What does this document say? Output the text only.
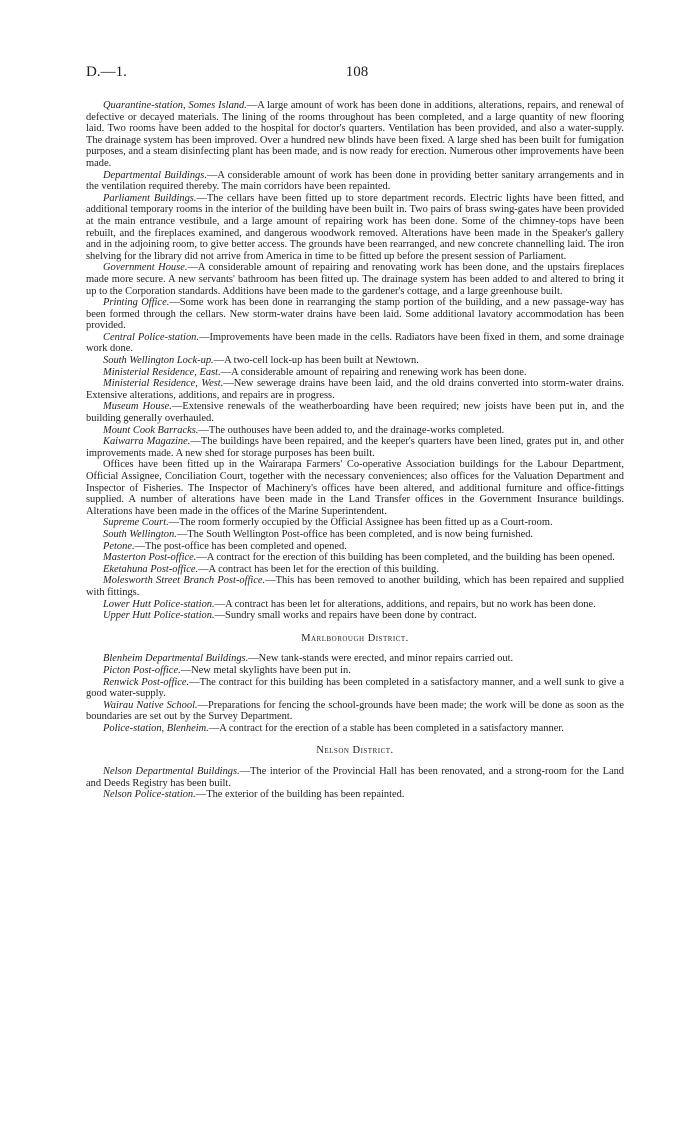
D.—1.	108

Quarantine-station, Somes Island.—A large amount of work has been done in additions, alterations, repairs, and renewal of defective or decayed materials. The lining of the rooms throughout has been completed, and a large quantity of new flooring laid. Two rooms have been added to the hospital for doctor's quarters. Ventilation has been provided, and also a water-supply. The drainage system has been improved. Over a hundred new blinds have been fixed. A large shed has been built for fumigation purposes, and a steam disinfecting plant has been made, and is now ready for erection. Numerous other improvements have been made.

Departmental Buildings.—A considerable amount of work has been done in providing better sanitary arrangements and in the ventilation required thereby. The main corridors have been repainted.

Parliament Buildings.—The cellars have been fitted up to store department records. Electric lights have been fitted, and additional temporary rooms in the interior of the building have been built in. Two pairs of brass swing-gates have been provided at the main entrance vestibule, and a large amount of repairing work has been done. Some of the chimney-tops have been rebuilt, and the fireplaces examined, and dangerous woodwork removed. Alterations have been made in the Speaker's gallery and in the adjoining room, to give better access. The grounds have been rearranged, and new concrete channelling laid. The iron shelving for the library did not arrive from America in time to be fitted up before the present session of Parliament.

Government House.—A considerable amount of repairing and renovating work has been done, and the upstairs fireplaces made more secure. A new servants' bathroom has been fitted up. The drainage system has been added to and altered to bring it up to the Corporation standards. Additions have been made to the gardener's cottage, and a large greenhouse built.

Printing Office.—Some work has been done in rearranging the stamp portion of the building, and a new passage-way has been formed through the cellars. New storm-water drains have been laid. Some additional lavatory accommodation has been provided.

Central Police-station.—Improvements have been made in the cells. Radiators have been fixed in them, and some drainage work done.

South Wellington Lock-up.—A two-cell lock-up has been built at Newtown.

Ministerial Residence, East.—A considerable amount of repairing and renewing work has been done.

Ministerial Residence, West.—New sewerage drains have been laid, and the old drains converted into storm-water drains. Extensive alterations, additions, and repairs are in progress.

Museum House.—Extensive renewals of the weatherboarding have been required; new joists have been put in, and the building generally overhauled.

Mount Cook Barracks.—The outhouses have been added to, and the drainage-works completed.

Kaiwarra Magazine.—The buildings have been repaired, and the keeper's quarters have been lined, grates put in, and other improvements made. A new shed for storage purposes has been built.

Offices have been fitted up in the Wairarapa Farmers' Co-operative Association buildings for the Labour Department, Official Assignee, Conciliation Court, together with the necessary conveniences; also offices for the Valuation Department and Inspector of Fisheries. The Inspector of Machinery's offices have been altered, and additional furniture and office-fittings supplied. A number of alterations have been made in the Land Transfer offices in the Government Insurance buildings. Alterations have been made in the offices of the Marine Superintendent.

Supreme Court.—The room formerly occupied by the Official Assignee has been fitted up as a Court-room.

South Wellington.—The South Wellington Post-office has been completed, and is now being furnished.

Petone.—The post-office has been completed and opened.

Masterton Post-office.—A contract for the erection of this building has been completed, and the building has been opened.

Eketahuna Post-office.—A contract has been let for the erection of this building.

Molesworth Street Branch Post-office.—This has been removed to another building, which has been repaired and supplied with fittings.

Lower Hutt Police-station.—A contract has been let for alterations, additions, and repairs, but no work has been done.

Upper Hutt Police-station.—Sundry small works and repairs have been done by contract.

Marlborough District.

Blenheim Departmental Buildings.—New tank-stands were erected, and minor repairs carried out.

Picton Post-office.—New metal skylights have been put in.

Renwick Post-office.—The contract for this building has been completed in a satisfactory manner, and a well sunk to give a good water-supply.

Wairau Native School.—Preparations for fencing the school-grounds have been made; the work will be done as soon as the boundaries are set out by the Survey Department.

Police-station, Blenheim.—A contract for the erection of a stable has been completed in a satisfactory manner.

Nelson District.

Nelson Departmental Buildings.—The interior of the Provincial Hall has been renovated, and a strong-room for the Land and Deeds Registry has been built.

Nelson Police-station.—The exterior of the building has been repainted.
